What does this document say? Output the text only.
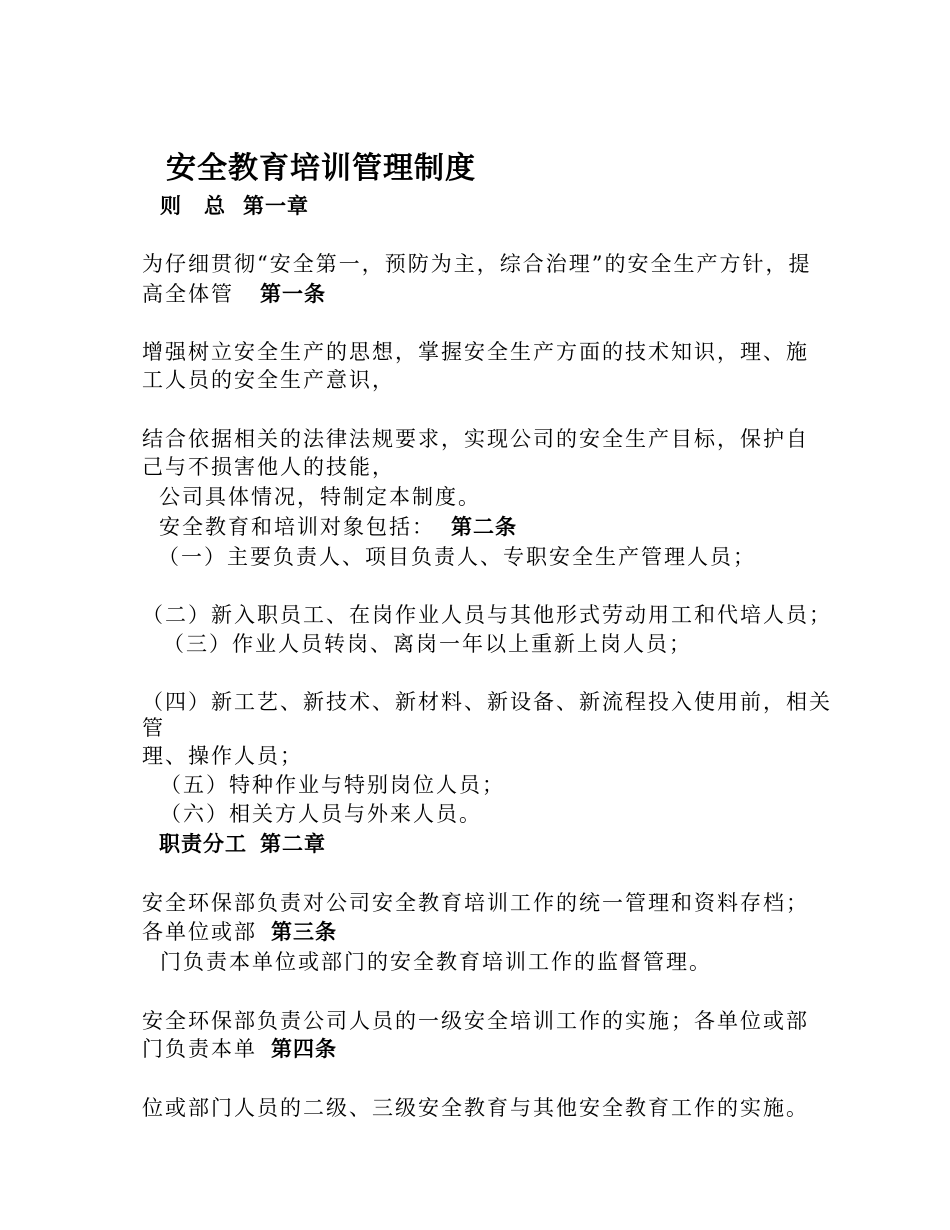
安全教育培训管理制度
则　总 第一章
为仔细贯彻“安全第一，预防为主，综合治理”的安全生产方针，提
高全体管 第一条
增强树立安全生产的思想，掌握安全生产方面的技术知识，理、施
工人员的安全生产意识，
结合依据相关的法律法规要求，实现公司的安全生产目标，保护自
己与不损害他人的技能，
公司具体情况，特制定本制度。
安全教育和培训对象包括： 第二条
（一）主要负责人、项目负责人、专职安全生产管理人员；
（二）新入职员工、在岗作业人员与其他形式劳动用工和代培人员；
（三）作业人员转岗、离岗一年以上重新上岗人员；
（四）新工艺、新技术、新材料、新设备、新流程投入使用前，相关
管
理、操作人员；
（五）特种作业与特别岗位人员；
（六）相关方人员与外来人员。
职责分工 第二章
安全环保部负责对公司安全教育培训工作的统一管理和资料存档；
各单位或部 第三条
门负责本单位或部门的安全教育培训工作的监督管理。
安全环保部负责公司人员的一级安全培训工作的实施；各单位或部
门负责本单 第四条
位或部门人员的二级、三级安全教育与其他安全教育工作的实施。
